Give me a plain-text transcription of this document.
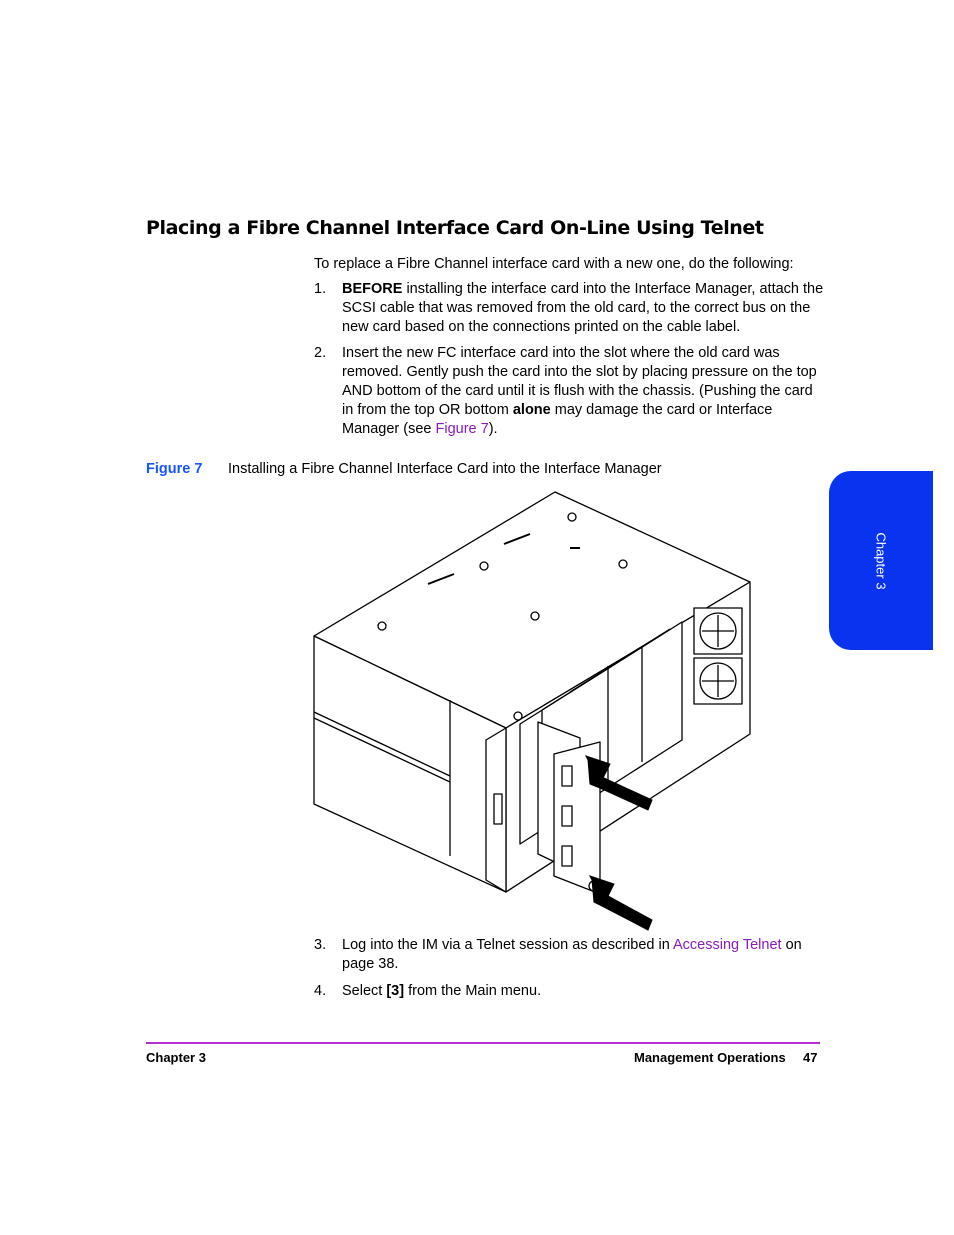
Placing a Fibre Channel Interface Card On-Line Using Telnet

To replace a Fibre Channel interface card with a new one, do the following:

1.	BEFORE installing the interface card into the Interface Manager, attach the SCSI cable that was removed from the old card, to the correct bus on the new card based on the connections printed on the cable label.
2.	Insert the new FC interface card into the slot where the old card was removed. Gently push the card into the slot by placing pressure on the top AND bottom of the card until it is flush with the chassis. (Pushing the card in from the top OR bottom alone may damage the card or Interface Manager (see Figure 7).
Figure 7 Installing a Fibre Channel Interface Card into the Interface Manager
3.	Log into the IM via a Telnet session as described in Accessing Telnet on page 38.
4.	Select [3] from the Main menu.
Chapter 3	Management Operations 47
Chapter 3
